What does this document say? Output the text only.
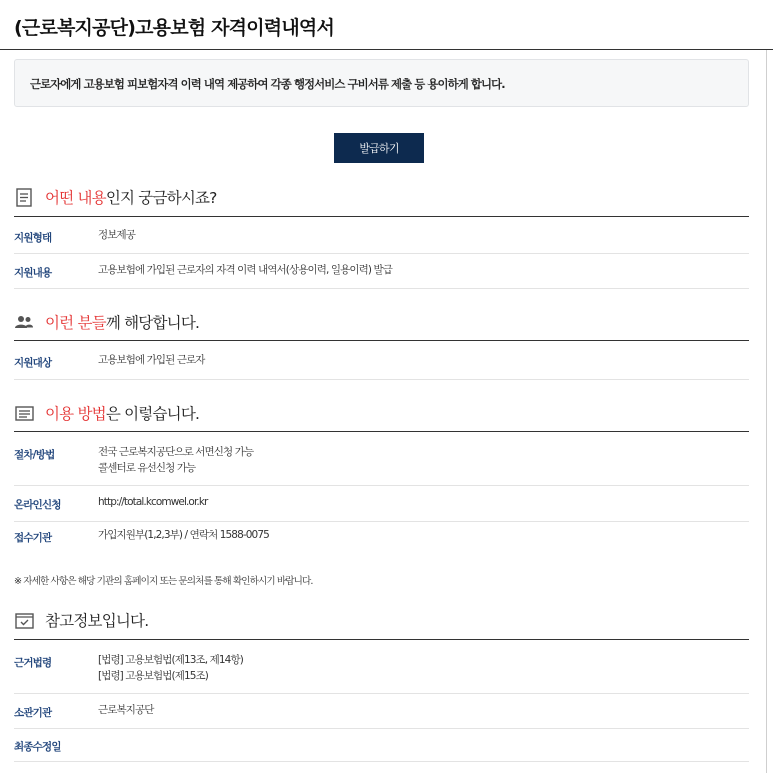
(근로복지공단)고용보험 자격이력내역서
근로자에게 고용보험 피보험자격 이력 내역 제공하여 각종 행정서비스 구비서류 제출 등 용이하게 합니다.
발급하기
어떤 내용 인지 궁금하시죠?
지원형태	정보제공
지원내용	고용보험에 가입된 근로자의 자격 이력 내역서(상용이력, 일용이력) 발급
이런 분들 께 해당합니다.
지원대상	고용보험에 가입된 근로자
이용 방법 은 이렇습니다.
절차/방법	전국 근로복지공단으로 서면신청 가능
콜센터로 유선신청 가능
온라인신청	http://total.kcomwel.or.kr
접수기관	가입지원부(1,2,3부) / 연락처 1588-0075
※ 자세한 사항은 해당 기관의 홈페이지 또는 문의처를 통해 확인하시기 바랍니다.
참고정보입니다.
근거법령	[법령] 고용보험법(제13조, 제14항)
[법령] 고용보험법(제15조)
소관기관	근로복지공단
최종수정일
